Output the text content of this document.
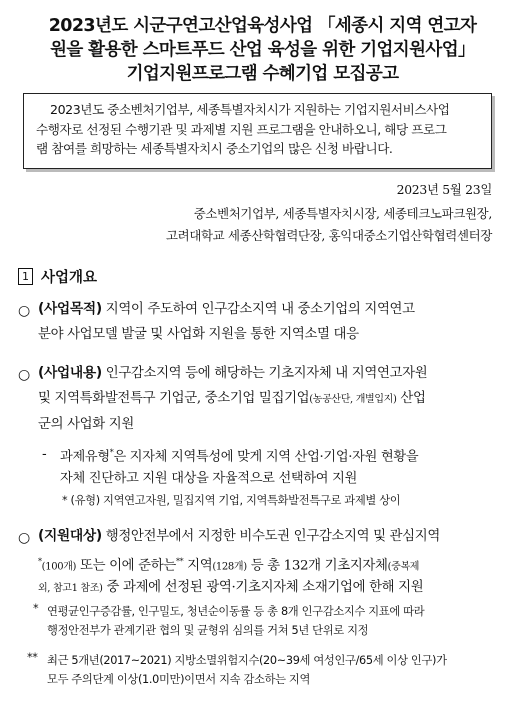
2023년도 시군구연고산업육성사업 「세종시 지역 연고자
원을 활용한 스마트푸드 산업 육성을 위한 기업지원사업」
기업지원프로그램 수혜기업 모집공고
2023년도 중소벤처기업부, 세종특별자치시가 지원하는 기업지원서비스사업
수행자로 선정된 수행기관 및 과제별 지원 프로그램을 안내하오니, 해당 프로그
램 참여를 희망하는 세종특별자치시 중소기업의 많은 신청 바랍니다.
2023년 5월 23일
중소벤처기업부, 세종특별자치시장, 세종테크노파크원장,
고려대학교 세종산학협력단장, 홍익대중소기업산학협력센터장
1 사업개요
○ (사업목적) 지역이 주도하여 인구감소지역 내 중소기업의 지역연고
분야 사업모델 발굴 및 사업화 지원을 통한 지역소멸 대응
○ (사업내용) 인구감소지역 등에 해당하는 기초지자체 내 지역연고자원
및 지역특화발전특구 기업군, 중소기업 밀집기업(농공산단, 개별입지) 산업
군의 사업화 지원
-	과제유형*은 지자체 지역특성에 맞게 지역 산업·기업·자원 현황을
자체 진단하고 지원 대상을 자율적으로 선택하여 지원
* (유형) 지역연고자원, 밀집지역 기업, 지역특화발전특구로 과제별 상이
○ (지원대상) 행정안전부에서 지정한 비수도권 인구감소지역 및 관심지역
*(100개) 또는 이에 준하는** 지역(128개) 등 총 132개 기초지자체(중복제
외, 참고1 참조) 중 과제에 선정된 광역·기초지자체 소재기업에 한해 지원
* 연평균인구증감률, 인구밀도, 청년순이동률 등 총 8개 인구감소지수 지표에 따라
행정안전부가 관계기관 협의 및 균형위 심의를 거쳐 5년 단위로 지정
** 최근 5개년(2017~2021) 지방소멸위험지수(20~39세 여성인구/65세 이상 인구)가
모두 주의단계 이상(1.0미만)이면서 지속 감소하는 지역
